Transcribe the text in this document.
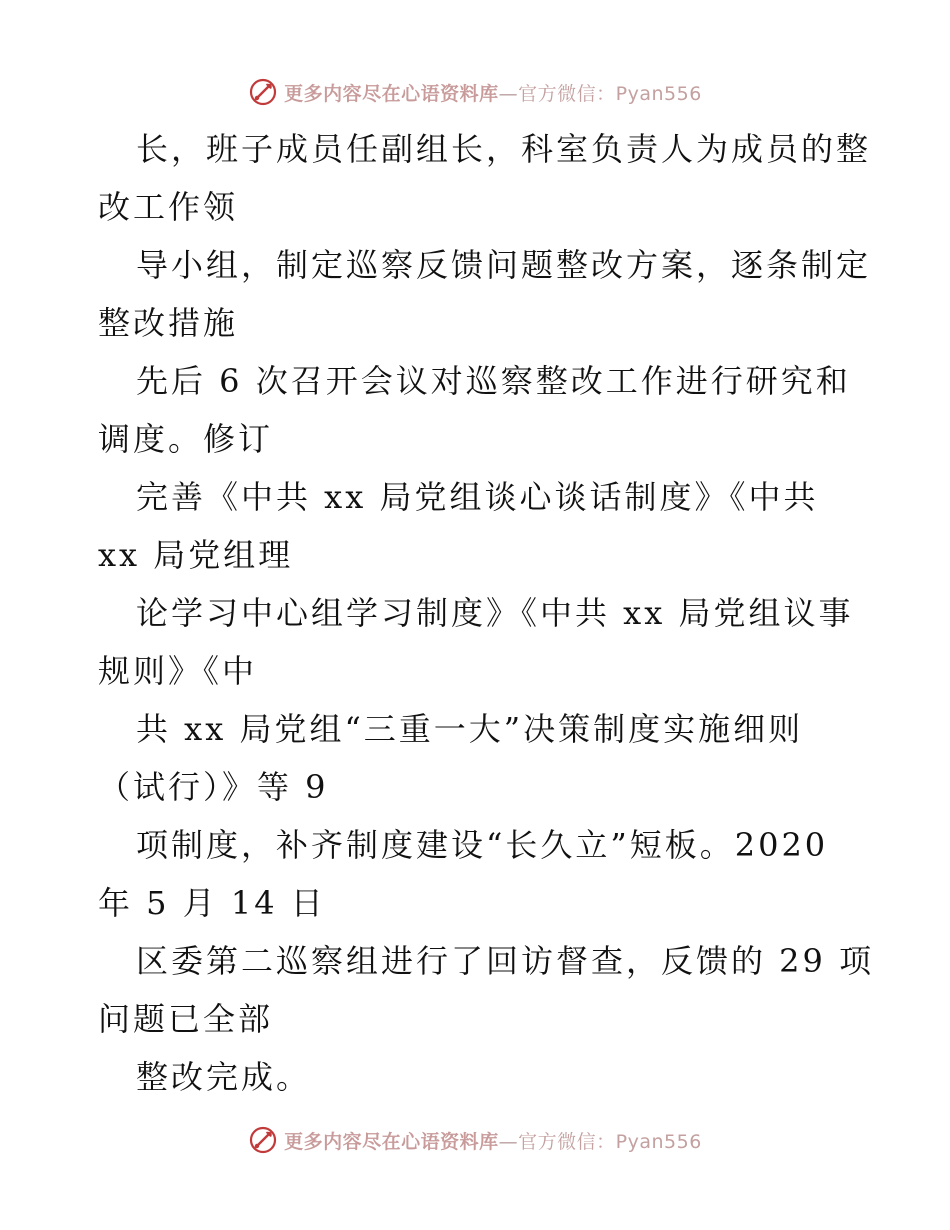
更多内容尽在心语资料库—官方微信：Pyan556
长，班子成员任副组长，科室负责人为成员的整
改工作领
导小组，制定巡察反馈问题整改方案，逐条制定
整改措施
先后 6 次召开会议对巡察整改工作进行研究和
调度。修订
完善《中共 xx 局党组谈心谈话制度》《中共
xx 局党组理
论学习中心组学习制度》《中共 xx 局党组议事
规则》《中
共 xx 局党组“三重一大”决策制度实施细则
（试行）》等 9
项制度，补齐制度建设“长久立”短板。2020
年 5 月 14 日
区委第二巡察组进行了回访督查，反馈的 29 项
问题已全部
整改完成。
更多内容尽在心语资料库—官方微信：Pyan556
